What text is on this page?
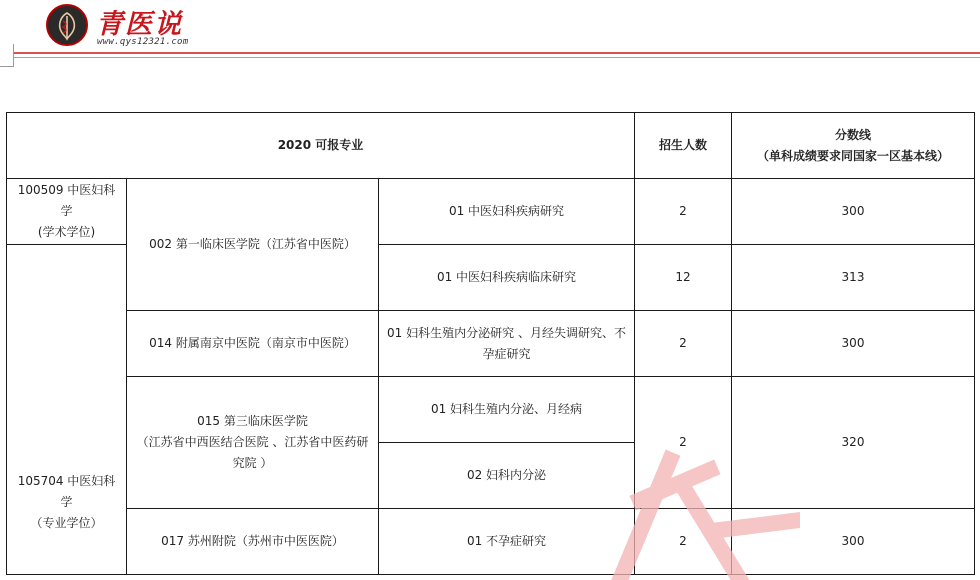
青医说
www.qys12321.com
2020 可报专业			招生人数	分数线
（单科成绩要求同国家一区基本线）

100509 中医妇科学
(学术学位)	002 第一临床医学院（江苏省中医院）	01 中医妇科疾病研究	2	300

105704 中医妇科学
（专业学位）		01 中医妇科疾病临床研究	12	313
	014 附属南京中医院（南京市中医院）	01 妇科生殖内分泌研究 、月经失调研究、不孕症研究	2	300

	015 第三临床医学院
（江苏省中西医结合医院 、江苏省中医药研究院 ）	01 妇科生殖内分泌、月经病	2	320
		02 妇科内分泌		
	017 苏州附院（苏州市中医医院）	01 不孕症研究	2	300
